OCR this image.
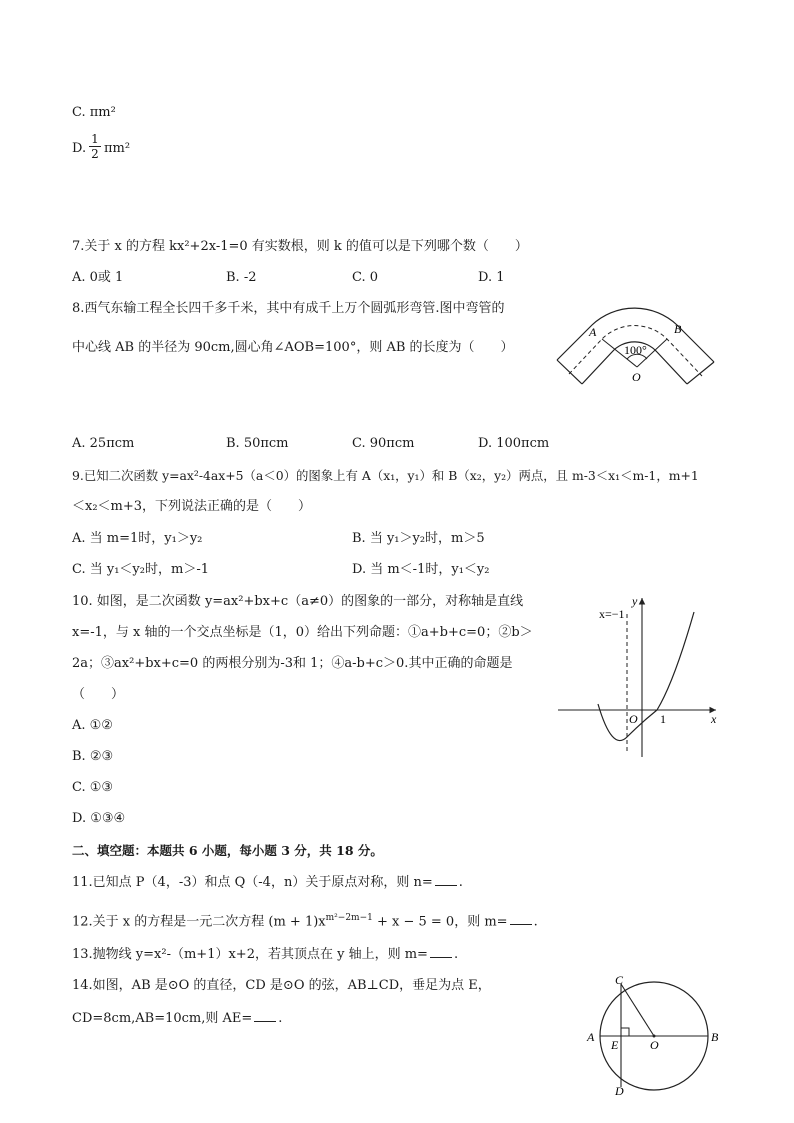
C. πm²
D. $\frac{1}{2} \pi m^2$
7.关于 x 的方程 kx²+2x-1=0 有实数根，则 k 的值可以是下列哪个数（　　）
A. 0或 1	B. -2	C. 0	D. 1
8.西气东输工程全长四千多千米，其中有成千上万个圆弧形弯管.图中弯管的
中心线 AB 的半径为 90cm,圆心角∠AOB=100°，则 AB 的长度为（　　）
A	B
100°
O
A. 25πcm	B. 50πcm	C. 90πcm	D. 100πcm
9.已知二次函数 y=ax²-4ax+5（a＜0）的图象上有 A（x₁，y₁）和 B（x₂，y₂）两点，且 m-3＜x₁＜m-1，m+1
＜x₂＜m+3，下列说法正确的是（　　）
A. 当 m=1时，y₁＞y₂	B. 当 y₁＞y₂时，m＞5
C. 当 y₁＜y₂时，m＞-1	D. 当 m＜-1时，y₁＜y₂
10. 如图，是二次函数 y=ax²+bx+c（a≠0）的图象的一部分，对称轴是直线
x=-1，与 x 轴的一个交点坐标是（1，0）给出下列命题：①a+b+c=0；②b＞
2a；③ax²+bx+c=0 的两根分别为-3和 1；④a-b+c＞0.其中正确的命题是
（　　）
A. ①②
B. ②③
C. ①③
D. ①③④
x=−1
y
x
O 1
二、填空题：本题共 6 小题，每小题 3 分，共 18 分。
11.已知点 P（4，-3）和点 Q（-4，n）关于原点对称，则 n= .
12.关于 x 的方程是一元二次方程 $(m + 1)x^{m^2-2m-1} + x - 5 = 0$，则 m= .
13.抛物线 y=x²-（m+1）x+2，若其顶点在 y 轴上，则 m= .
14.如图，AB 是⊙O 的直径，CD 是⊙O 的弦，AB⊥CD，垂足为点 E，
CD=8cm,AB=10cm,则 AE= .
A	B
C
D
E	O
